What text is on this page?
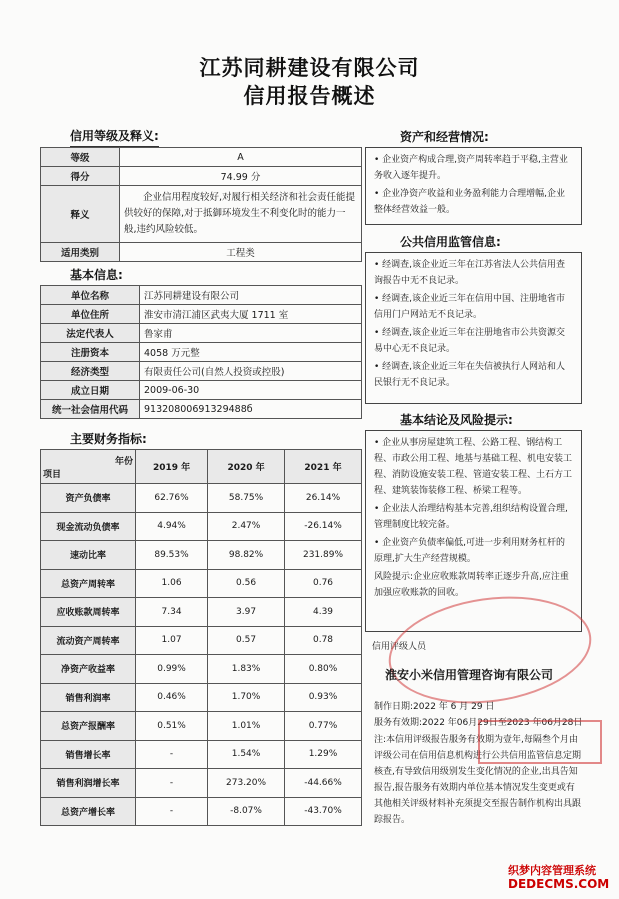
江苏同耕建设有限公司
信用报告概述
信用等级及释义:
等级	A
得分	74.99 分
释义	企业信用程度较好,对履行相关经济和社会责任能提供较好的保障,对于抵御环境发生不利变化时的能力一般,违约风险较低。
适用类别	工程类
基本信息:
单位名称	江苏同耕建设有限公司
单位住所	淮安市清江浦区武夷大厦 1711 室
法定代表人	鲁家甫
注册资本	4058 万元整
经济类型	有限责任公司(自然人投资或控股)
成立日期	2009-06-30
统一社会信用代码	91320800691329488б
主要财务指标:
年份
项目	2019 年	2020 年	2021 年
资产负债率	62.76%	58.75%	26.14%
现金流动负债率	4.94%	2.47%	-26.14%
速动比率	89.53%	98.82%	231.89%
总资产周转率	1.06	0.56	0.76
应收账款周转率	7.34	3.97	4.39
流动资产周转率	1.07	0.57	0.78
净资产收益率	0.99%	1.83%	0.80%
销售利润率	0.46%	1.70%	0.93%
总资产报酬率	0.51%	1.01%	0.77%
销售增长率	-	1.54%	1.29%
销售利润增长率	-	273.20%	-44.66%
总资产增长率	-	-8.07%	-43.70%
资产和经营情况:

• 企业资产构成合理,资产周转率趋于平稳,主营业务收入逐年提升。

• 企业净资产收益和业务盈利能力合理增幅,企业整体经营效益一般。

公共信用监管信息:

• 经调查,该企业近三年在江苏省法人公共信用查询报告中无不良记录。

• 经调查,该企业近三年在信用中国、注册地省市信用门户网站无不良记录。

• 经调查,该企业近三年在注册地省市公共资源交易中心无不良记录。

• 经调查,该企业近三年在失信被执行人网站和人民银行无不良记录。

基本结论及风险提示:

• 企业从事房屋建筑工程、公路工程、钢结构工程、市政公用工程、地基与基础工程、机电安装工程、消防设施安装工程、管道安装工程、土石方工程、建筑装饰装修工程、桥梁工程等。

• 企业法人治理结构基本完善,组织结构设置合理,管理制度比较完备。

• 企业资产负债率偏低,可进一步利用财务杠杆的原理,扩大生产经营规模。

风险提示:企业应收账款周转率正逐步升高,应注重加强应收账款的回收。

信用评级人员
淮安小米信用管理咨询有限公司
制作日期:2022 年 6 月 29 日
服务有效期:2022 年06月29日至2023 年06月28日
注:本信用评级报告服务有效期为壹年,每隔叁个月由评级公司在信用信息机构进行公共信用监管信息定期核查,有导致信用级别发生变化情况的企业,出具告知报告,报告服务有效期内单位基本情况发生变更或有其他相关评级材料补充须提交至报告制作机构出具跟踪报告。
织梦内容管理系统
DEDECMS.COM
